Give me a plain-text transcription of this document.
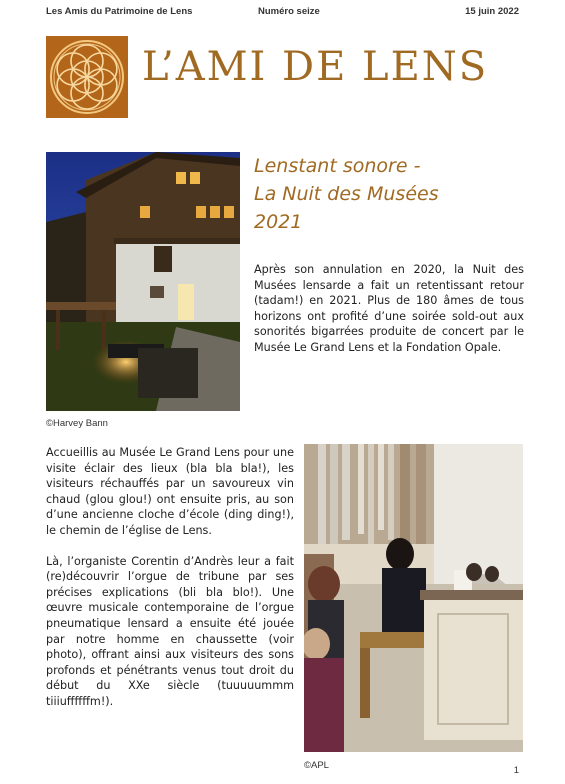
Les Amis du Patrimoine de Lens	Numéro seize	15 juin 2022
L’AMI DE LENS
©Harvey Bann
Lenstant sonore -
La Nuit des Musées
2021
Après son annulation en 2020, la Nuit des Musées lensarde a fait un retentissant retour (tadam!) en 2021. Plus de 180 âmes de tous horizons ont profité d’une soirée sold-out aux sonorités bigarrées produite de concert par le Musée Le Grand Lens et la Fondation Opale.

Accueillis au Musée Le Grand Lens pour une visite éclair des lieux (bla bla bla!), les visiteurs réchauffés par un savoureux vin chaud (glou glou!) ont ensuite pris, au son d’une ancienne cloche d’école (ding ding!), le chemin de l’église de Lens.

Là, l’organiste Corentin d’Andrès leur a fait (re)découvrir l’orgue de tribune par ses précises explications (bli bla blo!). Une œuvre musicale contemporaine de l’orgue pneumatique lensard a ensuite été jouée par notre homme en chaussette (voir photo), offrant ainsi aux visiteurs des sons profonds et pénétrants venus tout droit du début du XXe siècle (tuuuuummm tiiiuffffffm!).

©APL	1
